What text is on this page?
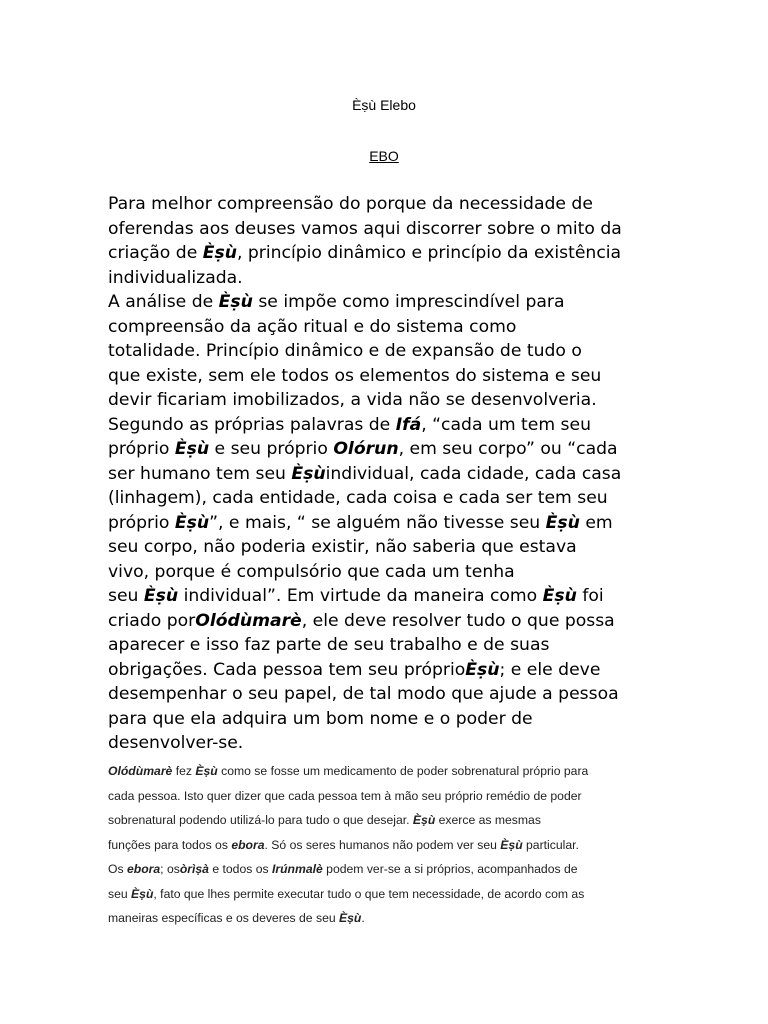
Èṣù Elebo
EBO
Para melhor compreensão do porque da necessidade de
oferendas aos deuses vamos aqui discorrer sobre o mito da
criação de Èṣù, princípio dinâmico e princípio da existência
individualizada.
A análise de Èṣù se impõe como imprescindível para
compreensão da ação ritual e do sistema como
totalidade. Princípio dinâmico e de expansão de tudo o
que existe, sem ele todos os elementos do sistema e seu
devir ficariam imobilizados, a vida não se desenvolveria.
Segundo as próprias palavras de Ifá, “cada um tem seu
próprio Èṣù e seu próprio Olórun, em seu corpo” ou “cada
ser humano tem seu Èṣùindividual, cada cidade, cada casa
(linhagem), cada entidade, cada coisa e cada ser tem seu
próprio Èṣù”, e mais, “ se alguém não tivesse seu Èṣù em
seu corpo, não poderia existir, não saberia que estava
vivo, porque é compulsório que cada um tenha
seu Èṣù individual”. Em virtude da maneira como Èṣù foi
criado porOlódùmarè, ele deve resolver tudo o que possa
aparecer e isso faz parte de seu trabalho e de suas
obrigações. Cada pessoa tem seu próprioÈṣù; e ele deve
desempenhar o seu papel, de tal modo que ajude a pessoa
para que ela adquira um bom nome e o poder de
desenvolver-se.
Olódùmarè fez Èṣù como se fosse um medicamento de poder sobrenatural próprio para
cada pessoa. Isto quer dizer que cada pessoa tem à mão seu próprio remédio de poder
sobrenatural podendo utilizá-lo para tudo o que desejar. Èṣù exerce as mesmas
funções para todos os ebora. Só os seres humanos não podem ver seu Èṣù particular.
Os ebora; osòrìṣà e todos os Irúnmalè podem ver-se a si próprios, acompanhados de
seu Èṣù, fato que lhes permite executar tudo o que tem necessidade, de acordo com as
maneiras específicas e os deveres de seu Èṣù.
